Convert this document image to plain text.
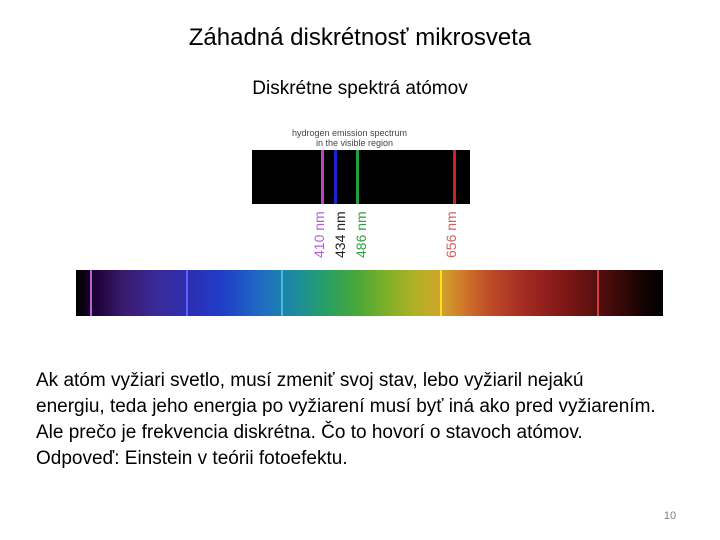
Záhadná diskrétnosť mikrosveta
Diskrétne spektrá atómov
hydrogen emission spectrum
in the visible region
410 nm 434 nm 486 nm	656 nm
Ak atóm vyžiari svetlo, musí zmeniť svoj stav, lebo vyžiaril nejakú
energiu, teda jeho energia po vyžiarení musí byť iná ako pred vyžiarením.
Ale prečo je frekvencia diskrétna. Čo to hovorí o stavoch atómov.
Odpoveď: Einstein v teórii fotoefektu.
10
